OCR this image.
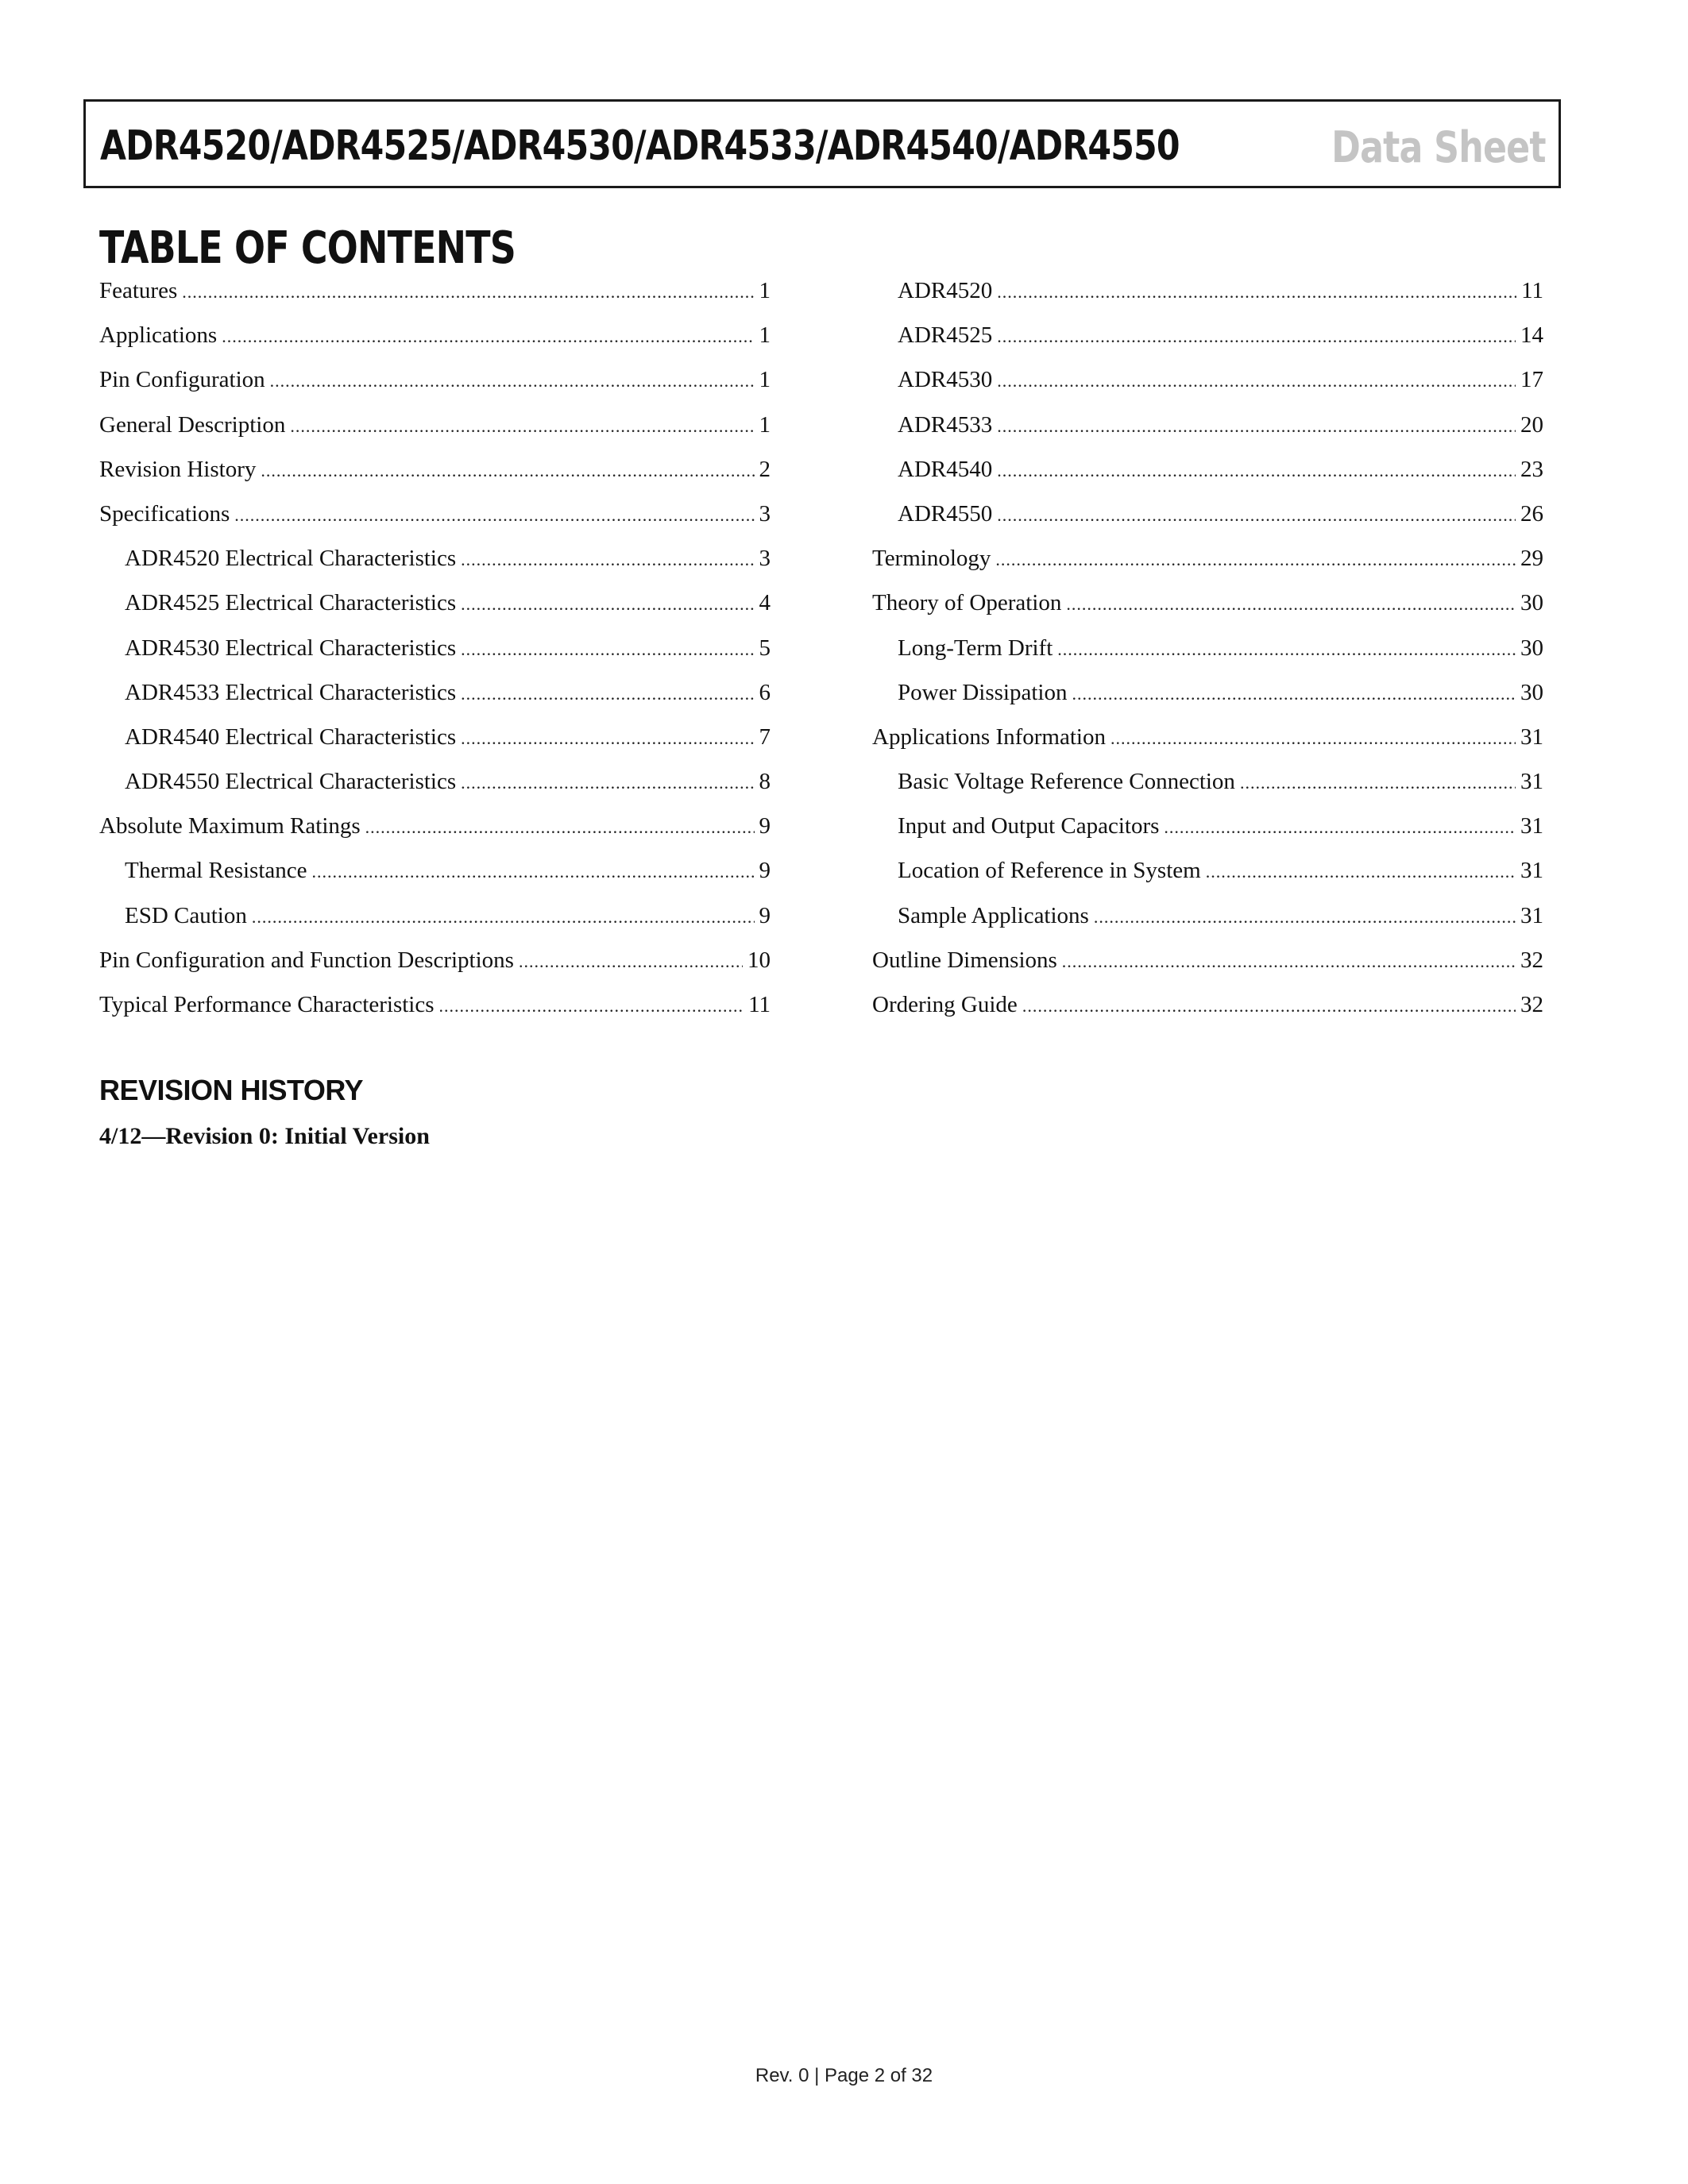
ADR4520/ADR4525/ADR4530/ADR4533/ADR4540/ADR4550	Data Sheet
TABLE OF CONTENTS
Features .....	1
Applications .....	1
Pin Configuration .....	1
General Description .....	1
Revision History .....	2
Specifications .....	3
ADR4520 Electrical Characteristics .....	3
ADR4525 Electrical Characteristics .....	4
ADR4530 Electrical Characteristics .....	5
ADR4533 Electrical Characteristics .....	6
ADR4540 Electrical Characteristics .....	7
ADR4550 Electrical Characteristics .....	8
Absolute Maximum Ratings .....	9
Thermal Resistance .....	9
ESD Caution .....	9
Pin Configuration and Function Descriptions .....	10
Typical Performance Characteristics .....	11
ADR4520 .....	11
ADR4525 .....	14
ADR4530 .....	17
ADR4533 .....	20
ADR4540 .....	23
ADR4550 .....	26
Terminology .....	29
Theory of Operation .....	30
Long-Term Drift .....	30
Power Dissipation .....	30
Applications Information .....	31
Basic Voltage Reference Connection .....	31
Input and Output Capacitors .....	31
Location of Reference in System .....	31
Sample Applications .....	31
Outline Dimensions .....	32
Ordering Guide .....	32
REVISION HISTORY
4/12—Revision 0: Initial Version
Rev. 0 | Page 2 of 32
